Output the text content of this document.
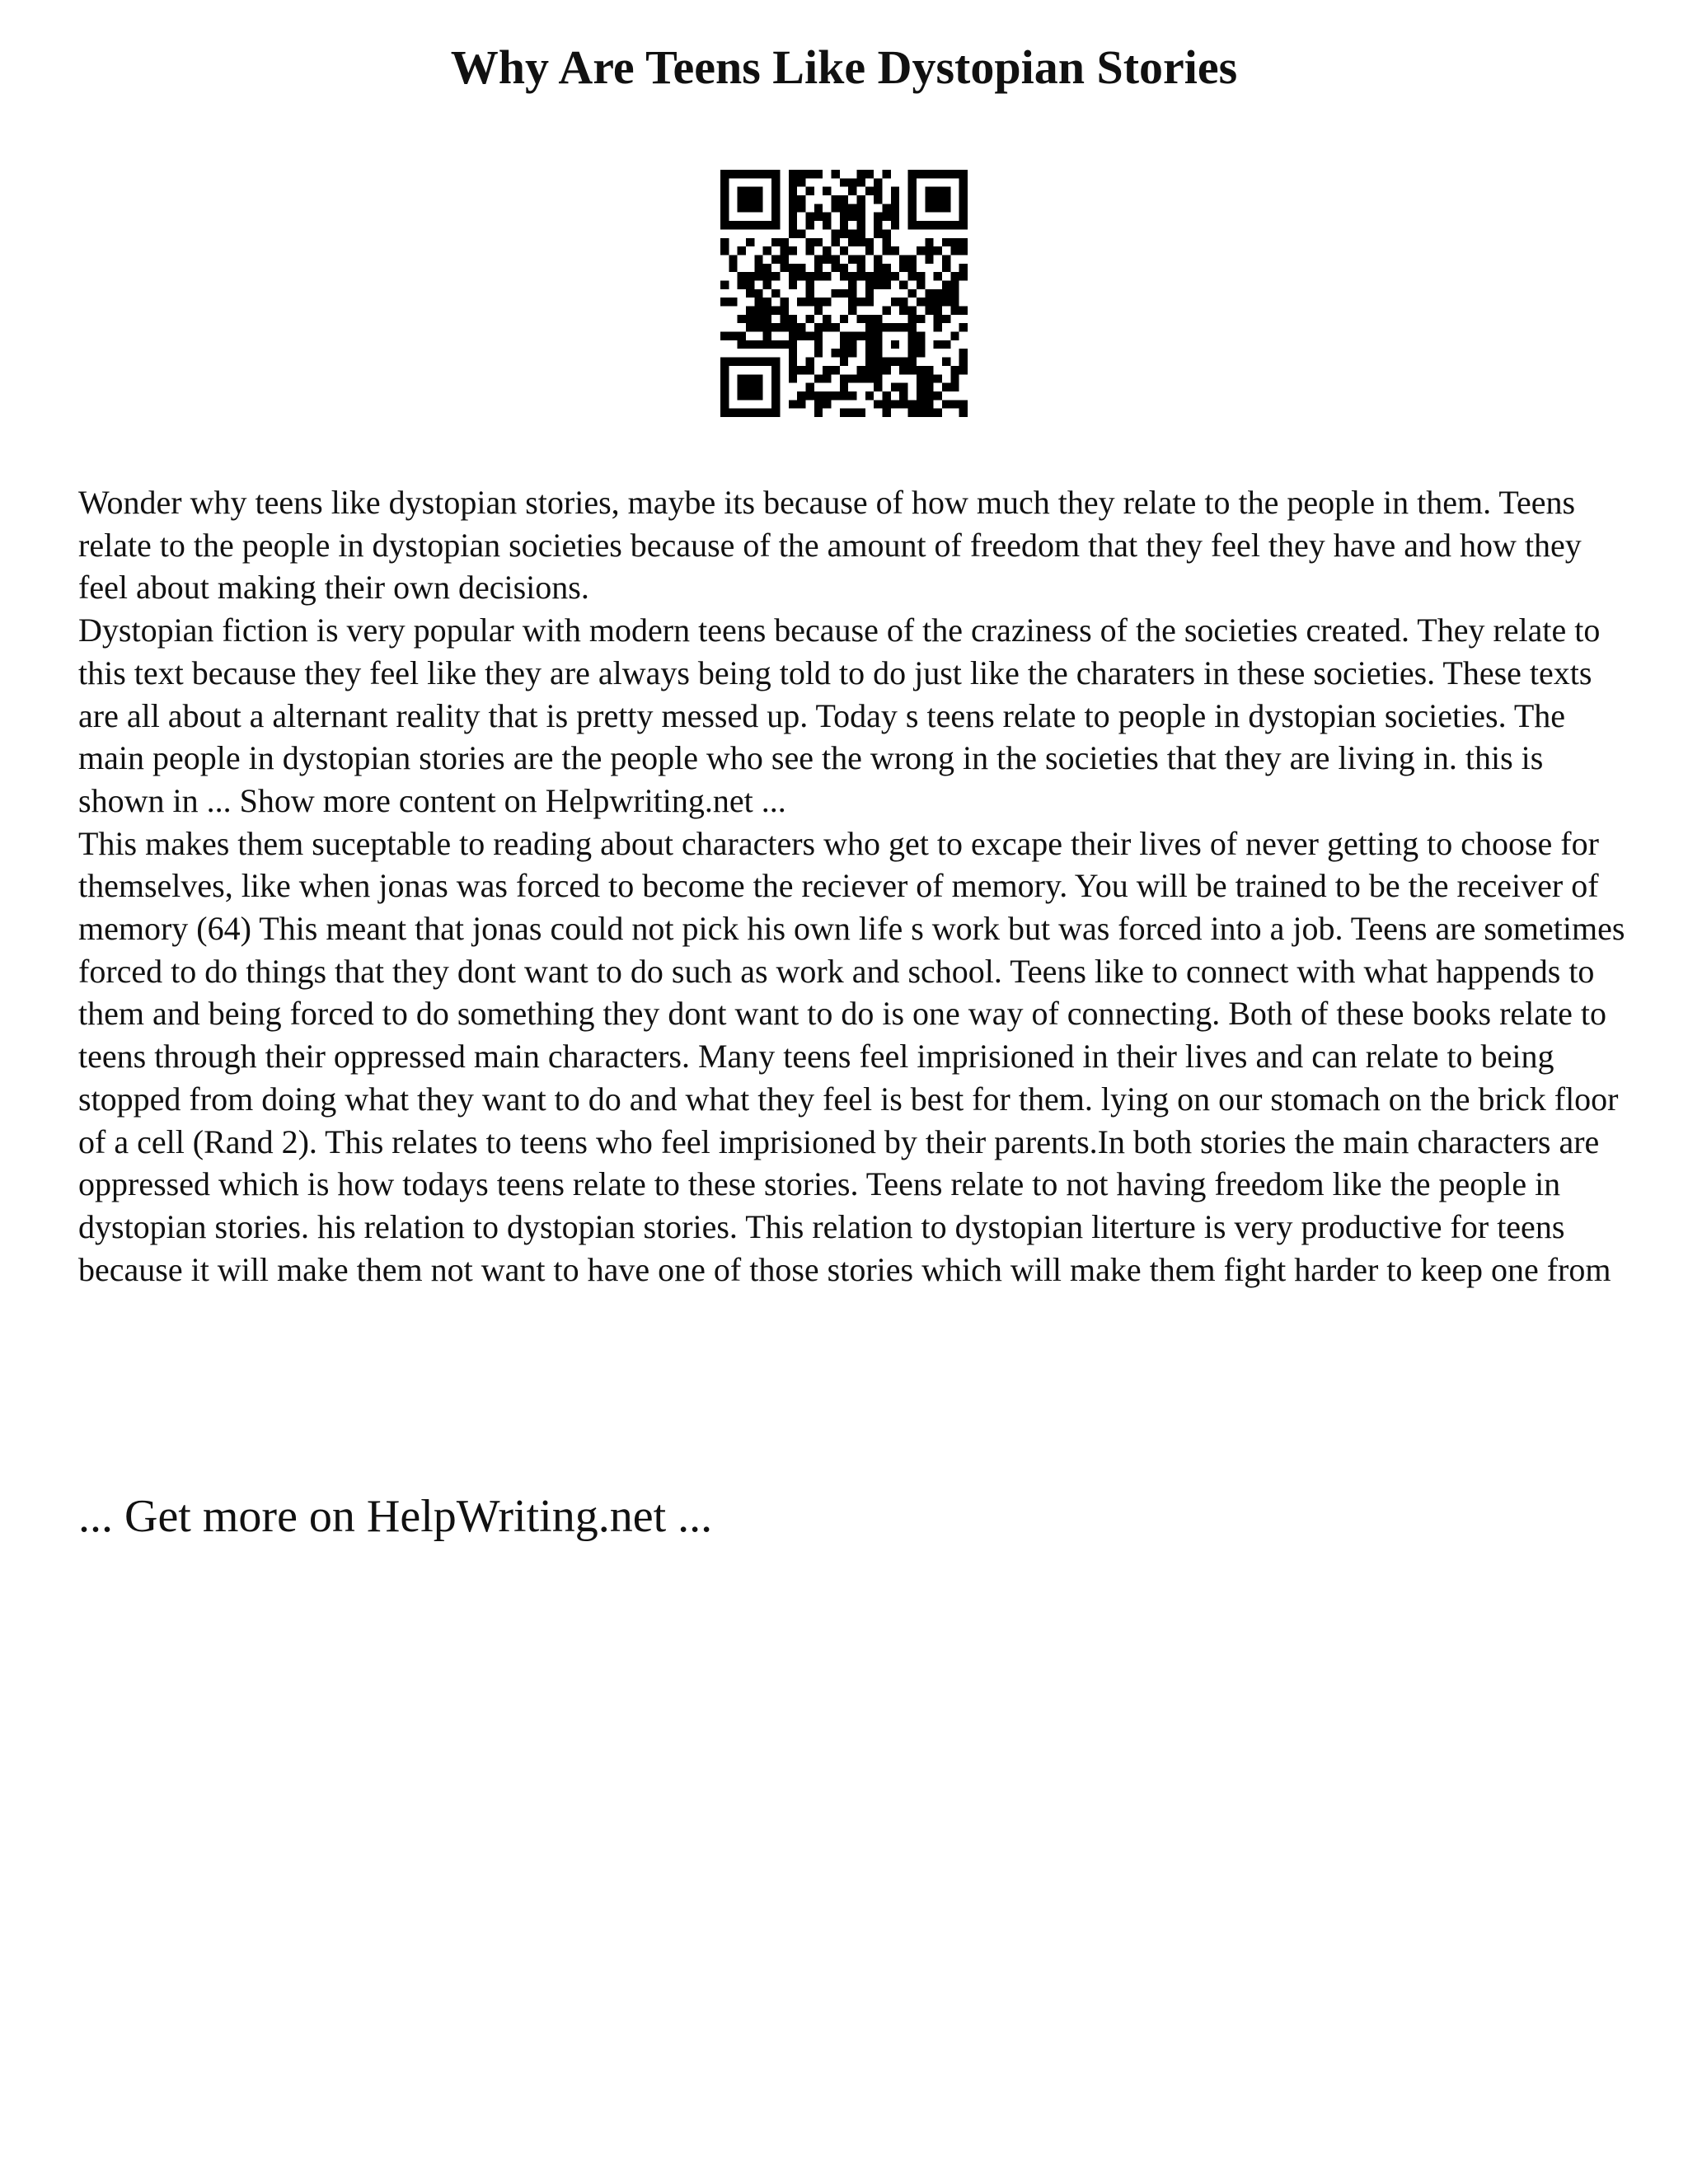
Why Are Teens Like Dystopian Stories

Wonder why teens like dystopian stories, maybe its because of how much they relate to the people in them. Teens relate to the people in dystopian societies because of the amount of freedom that they feel they have and how they feel about making their own decisions.

Dystopian fiction is very popular with modern teens because of the craziness of the societies created. They relate to this text because they feel like they are always being told to do just like the charaters in these societies. These texts are all about a alternant reality that is pretty messed up. Today s teens relate to people in dystopian societies. The main people in dystopian stories are the people who see the wrong in the societies that they are living in. this is shown in ... Show more content on Helpwriting.net ...

This makes them suceptable to reading about characters who get to excape their lives of never getting to choose for themselves, like when jonas was forced to become the reciever of memory. You will be trained to be the receiver of memory (64) This meant that jonas could not pick his own life s work but was forced into a job. Teens are sometimes forced to do things that they dont want to do such as work and school. Teens like to connect with what happends to them and being forced to do something they dont want to do is one way of connecting. Both of these books relate to teens through their oppressed main characters. Many teens feel imprisioned in their lives and can relate to being stopped from doing what they want to do and what they feel is best for them. lying on our stomach on the brick floor of a cell (Rand 2). This relates to teens who feel imprisioned by their parents.In both stories the main characters are oppressed which is how todays teens relate to these stories. Teens relate to not having freedom like the people in dystopian stories. his relation to dystopian stories. This relation to dystopian literture is very productive for teens because it will make them not want to have one of those stories which will make them fight harder to keep one from

... Get more on HelpWriting.net ...
